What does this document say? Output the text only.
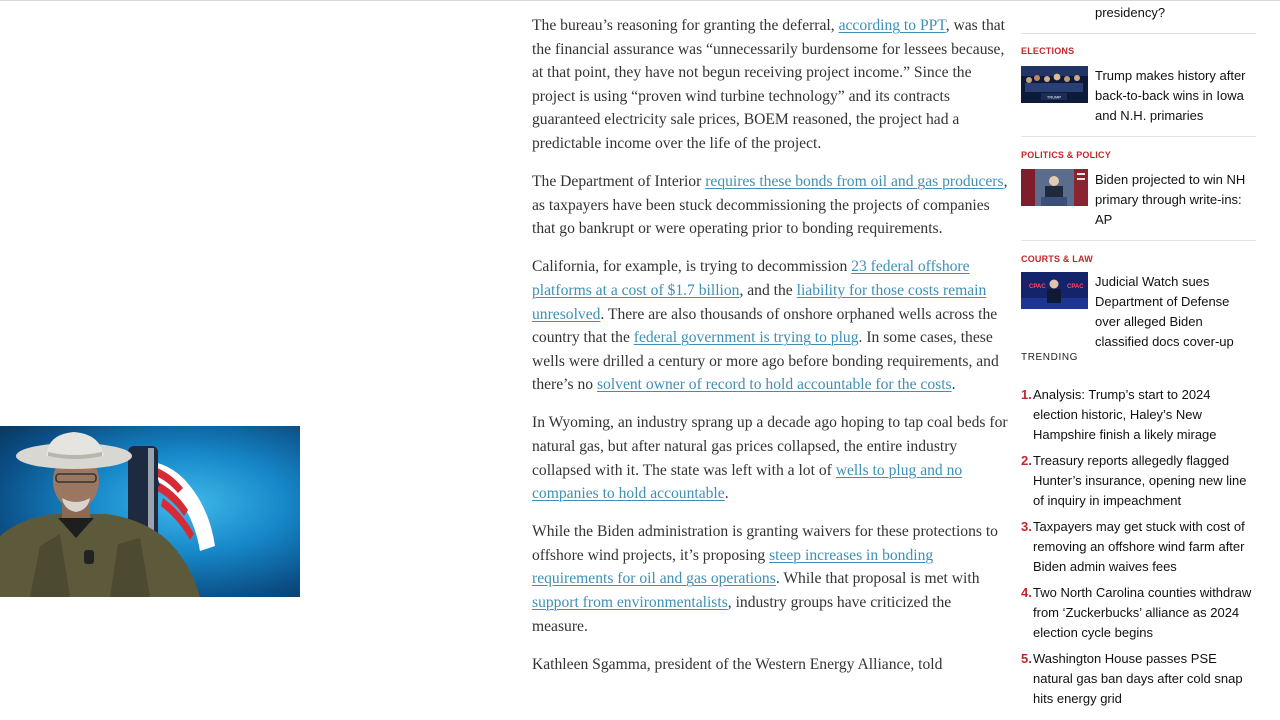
The bureau’s reasoning for granting the deferral, according to PPT, was that the financial assurance was “unnecessarily burdensome for lessees because, at that point, they have not begun receiving project income.” Since the project is using “proven wind turbine technology” and its contracts guaranteed electricity sale prices, BOEM reasoned, the project had a predictable income over the life of the project.

The Department of Interior requires these bonds from oil and gas producers, as taxpayers have been stuck decommissioning the projects of companies that go bankrupt or were operating prior to bonding requirements.

California, for example, is trying to decommission 23 federal offshore platforms at a cost of $1.7 billion, and the liability for those costs remain unresolved. There are also thousands of onshore orphaned wells across the country that the federal government is trying to plug. In some cases, these wells were drilled a century or more ago before bonding requirements, and there’s no solvent owner of record to hold accountable for the costs.

In Wyoming, an industry sprang up a decade ago hoping to tap coal beds for natural gas, but after natural gas prices collapsed, the entire industry collapsed with it. The state was left with a lot of wells to plug and no companies to hold accountable.

While the Biden administration is granting waivers for these protections to offshore wind projects, it’s proposing steep increases in bonding requirements for oil and gas operations. While that proposal is met with support from environmentalists, industry groups have criticized the measure.

Kathleen Sgamma, president of the Western Energy Alliance, told

presidency?
ELECTIONS
TRUMP
Trump makes history after back-to-back wins in Iowa and N.H. primaries
POLITICS & POLICY
Biden projected to win NH primary through write-ins: AP
COURTS & LAW
CPAC	CPAC Judicial Watch sues Department of Defense over alleged Biden classified docs cover-up
TRENDING
1. Analysis: Trump’s start to 2024 election historic, Haley’s New Hampshire finish a likely mirage
2. Treasury reports allegedly flagged Hunter’s insurance, opening new line of inquiry in impeachment
3. Taxpayers may get stuck with cost of removing an offshore wind farm after Biden admin waives fees
4. Two North Carolina counties withdraw from ‘Zuckerbucks’ alliance as 2024 election cycle begins
5. Washington House passes PSE natural gas ban days after cold snap hits energy grid
